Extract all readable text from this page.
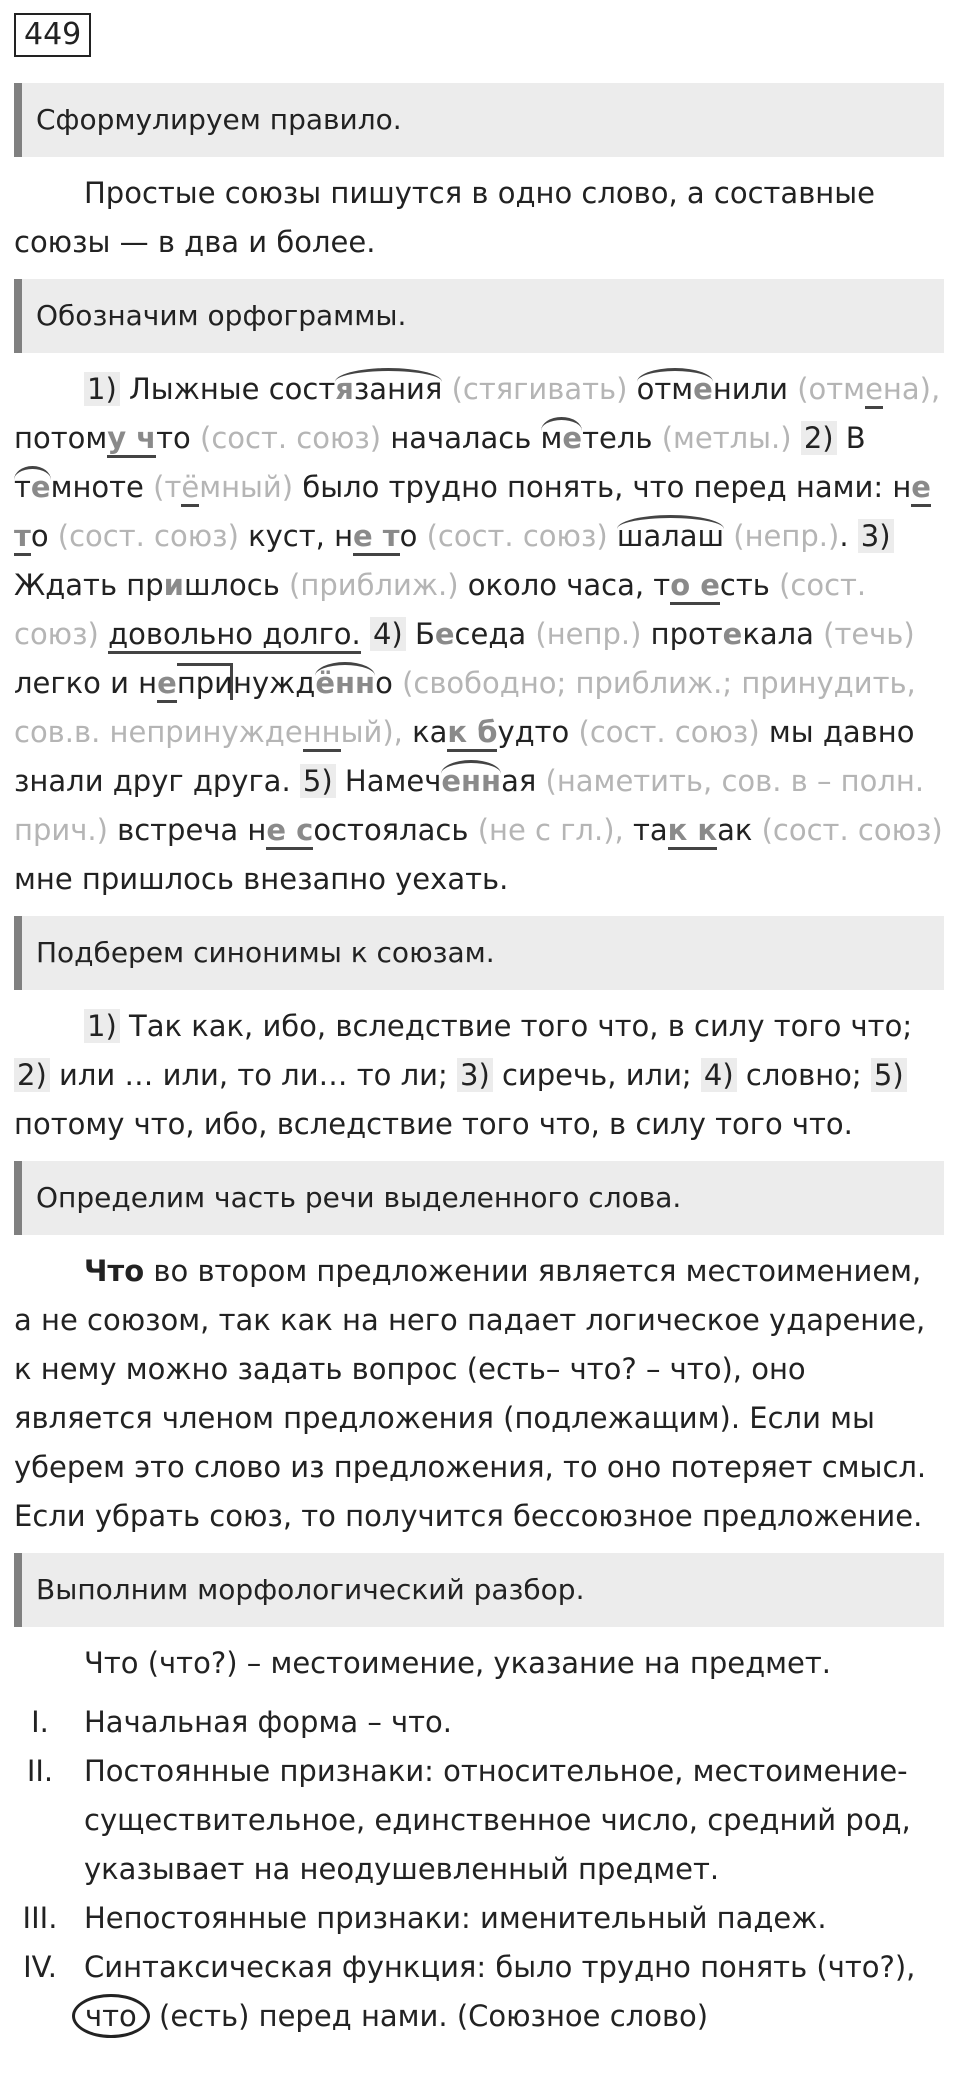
449
Сформулируем правило.

Простые союзы пишутся в одно слово, а составные союзы — в два и более.

Обозначим орфограммы.

1) Лыжные состязания (стягивать) отменили (отмена), потому что (сост. союз) началась метель (метлы.) 2) В темноте (тёмный) было трудно понять, что перед нами: не то (сост. союз) куст, не то (сост. союз) шалаш (непр.). 3) Ждать пришлось (приближ.) около часа, то есть (сост. союз) довольно долго. 4) Беседа (непр.) протекала (течь) легко и непринуждённо (свободно; приближ.; принудить, сов.в. непринужденный), как будто (сост. союз) мы давно знали друг друга. 5) Намеченная (наметить, сов. в – полн. прич.) встреча не состоялась (не с гл.), так как (сост. союз) мне пришлось внезапно уехать.

Подберем синонимы к союзам.

1) Так как, ибо, вследствие того что, в силу того что; 2) или … или, то ли… то ли; 3) сиречь, или; 4) словно; 5) потому что, ибо, вследствие того что, в силу того что.

Определим часть речи выделенного слова.

Что во втором предложении является местоимением, а не союзом, так как на него падает логическое ударение, к нему можно задать вопрос (есть– что? – что), оно является членом предложения (подлежащим). Если мы уберем это слово из предложения, то оно потеряет смысл. Если убрать союз, то получится бессоюзное предложение.

Выполним морфологический разбор.
Что (что?) – местоимение, указание на предмет.
I.	Начальная форма – что.
II.	Постоянные признаки: относительное, местоимение-существительное, единственное число, средний род, указывает на неодушевленный предмет.
III. Непостоянные признаки: именительный падеж.
IV. Синтаксическая функция: было трудно понять (что?),
что (есть) перед нами. (Союзное слово)
